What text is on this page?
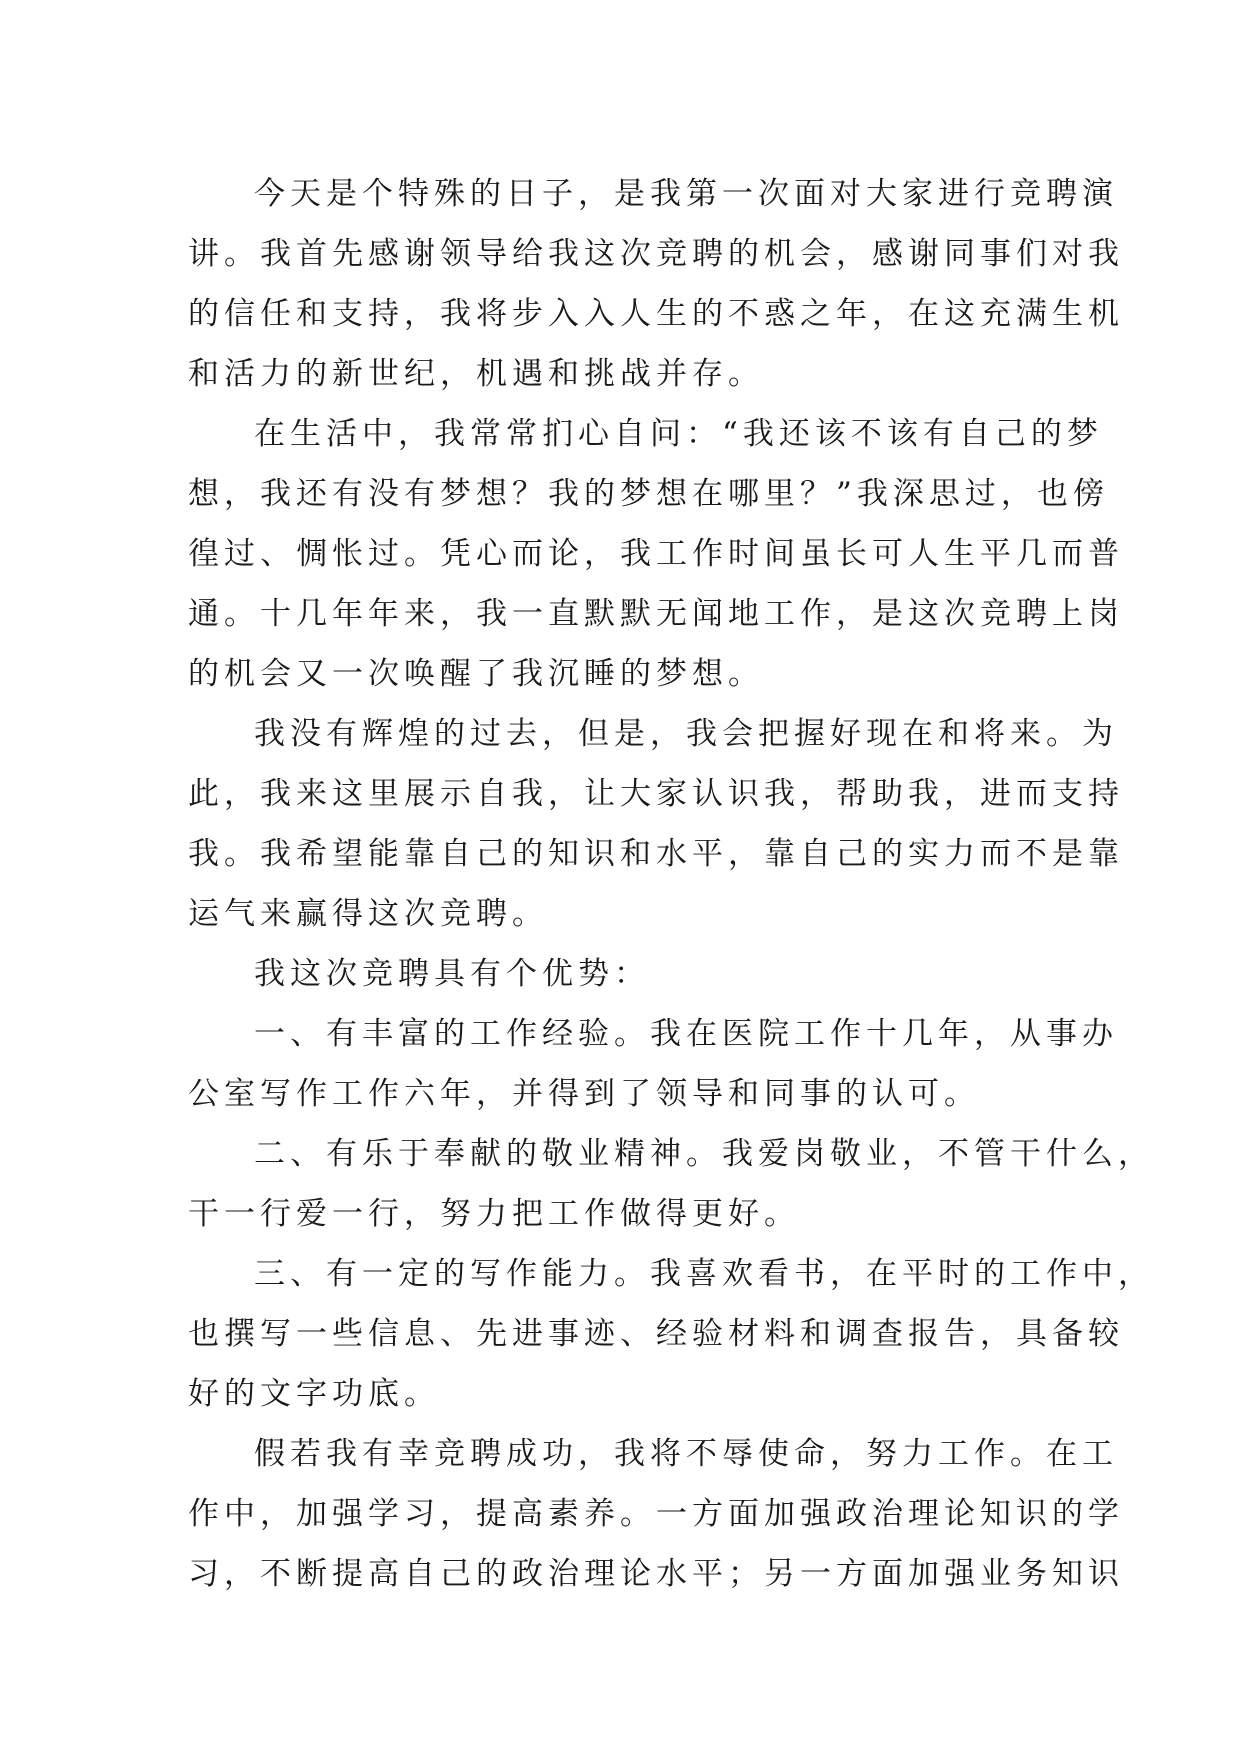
今天是个特殊的日子，是我第一次面对大家进行竞聘演
讲。我首先感谢领导给我这次竞聘的机会，感谢同事们对我
的信任和支持，我将步入入人生的不惑之年，在这充满生机
和活力的新世纪，机遇和挑战并存。
在生活中，我常常扪心自问：“我还该不该有自己的梦
想，我还有没有梦想？我的梦想在哪里？”我深思过，也傍
徨过、惆怅过。凭心而论，我工作时间虽长可人生平几而普
通。十几年年来，我一直默默无闻地工作，是这次竞聘上岗
的机会又一次唤醒了我沉睡的梦想。
我没有辉煌的过去，但是，我会把握好现在和将来。为
此，我来这里展示自我，让大家认识我，帮助我，进而支持
我。我希望能靠自己的知识和水平，靠自己的实力而不是靠
运气来赢得这次竞聘。
我这次竞聘具有个优势：
一、有丰富的工作经验。我在医院工作十几年，从事办
公室写作工作六年，并得到了领导和同事的认可。
二、有乐于奉献的敬业精神。我爱岗敬业，不管干什么，
干一行爱一行，努力把工作做得更好。
三、有一定的写作能力。我喜欢看书，在平时的工作中，
也撰写一些信息、先进事迹、经验材料和调查报告，具备较
好的文字功底。
假若我有幸竞聘成功，我将不辱使命，努力工作。在工
作中，加强学习，提高素养。一方面加强政治理论知识的学
习，不断提高自己的政治理论水平；另一方面加强业务知识
